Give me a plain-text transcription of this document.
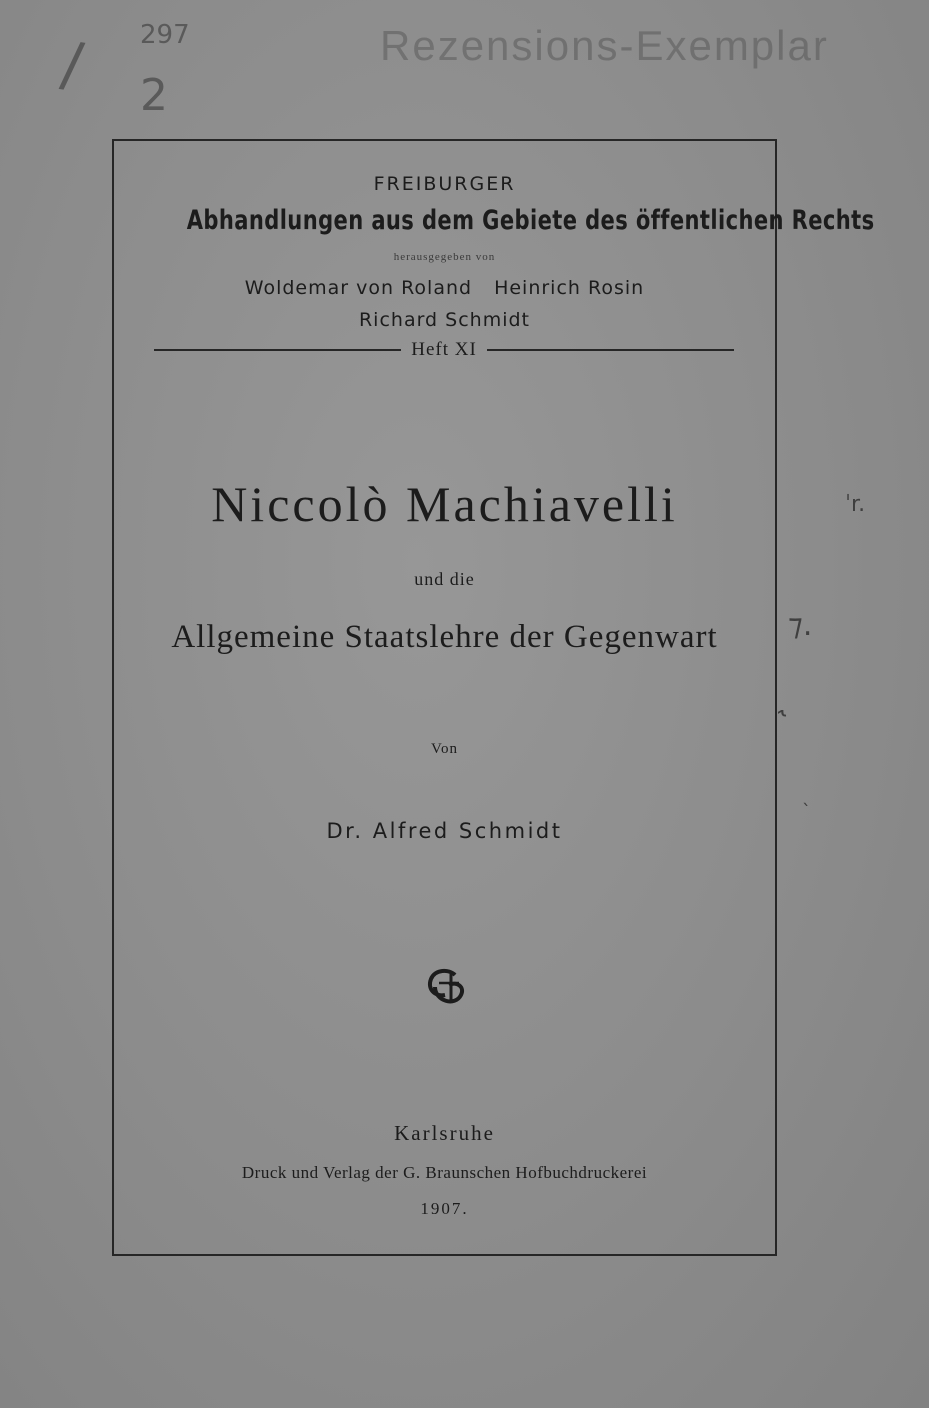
Rezensions-Exemplar
/ 297
2
FREIBURGER
Abhandlungen aus dem Gebiete des öffentlichen Rechts
herausgegeben von
Woldemar von Roland Heinrich Rosin
Richard Schmidt
Heft XI
Niccolò Machiavelli
und die
Allgemeine Staatslehre der Gegenwart
Von
Dr. Alfred Schmidt
Karlsruhe
Druck und Verlag der G. Braunschen Hofbuchdruckerei
1907.
ˈr.
⁊.
˞
ˎ
